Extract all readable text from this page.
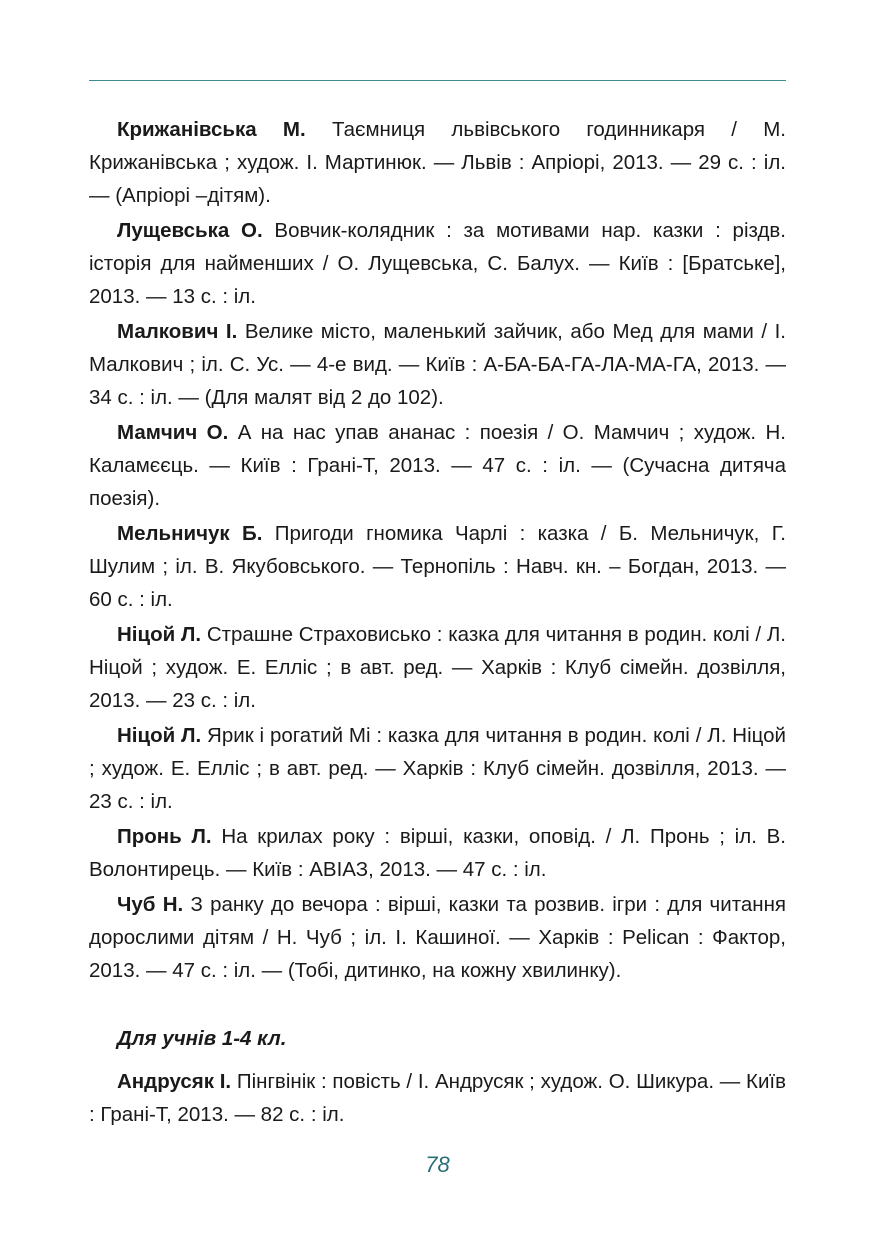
Крижанівська М. Таємниця львівського годинникаря / М. Крижанівська ; худож. І. Мартинюк. — Львів : Апріорі, 2013. — 29 с. : іл. — (Апріорі –дітям).

Лущевська О. Вовчик-колядник : за мотивами нар. казки : різдв. історія для найменших / О. Лущевська, С. Балух. — Київ : [Братське], 2013. — 13 с. : іл.

Малкович І. Велике місто, маленький зайчик, або Мед для мами / І. Малкович ; іл. С. Ус. — 4-е вид. — Київ : А-БА-БА-ГА-ЛА-МА-ГА, 2013. — 34 с. : іл. — (Для малят від 2 до 102).

Мамчич О. А на нас упав ананас : поезія / О. Мамчич ; худож. Н. Каламєєць. — Київ : Грані-Т, 2013. — 47 с. : іл. — (Сучасна дитяча поезія).

Мельничук Б. Пригоди гномика Чарлі : казка / Б. Мельничук, Г. Шулим ; іл. В. Якубовського. — Тернопіль : Навч. кн. – Богдан, 2013. — 60 с. : іл.

Ніцой Л. Страшне Страховисько : казка для читання в родин. колі / Л. Ніцой ; худож. Е. Елліс ; в авт. ред. — Харків : Клуб сімейн. дозвілля, 2013. — 23 с. : іл.

Ніцой Л. Ярик і рогатий Мі : казка для читання в родин. колі / Л. Ніцой ; худож. Е. Елліс ; в авт. ред. — Харків : Клуб сімейн. дозвілля, 2013. — 23 с. : іл.

Пронь Л. На крилах року : вірші, казки, оповід. / Л. Пронь ; іл. В. Волонтирець. — Київ : АВІАЗ, 2013. — 47 с. : іл.

Чуб Н. З ранку до вечора : вірші, казки та розвив. ігри : для читання дорослими дітям / Н. Чуб ; іл. І. Кашиної. — Харків : Pelican : Фактор, 2013. — 47 с. : іл. — (Тобі, дитинко, на кожну хвилинку).

Для учнів 1-4 кл.

Андрусяк І. Пінгвінік : повість / І. Андрусяк ; худож. О. Шикура. — Київ : Грані-Т, 2013. — 82 с. : іл.

78
